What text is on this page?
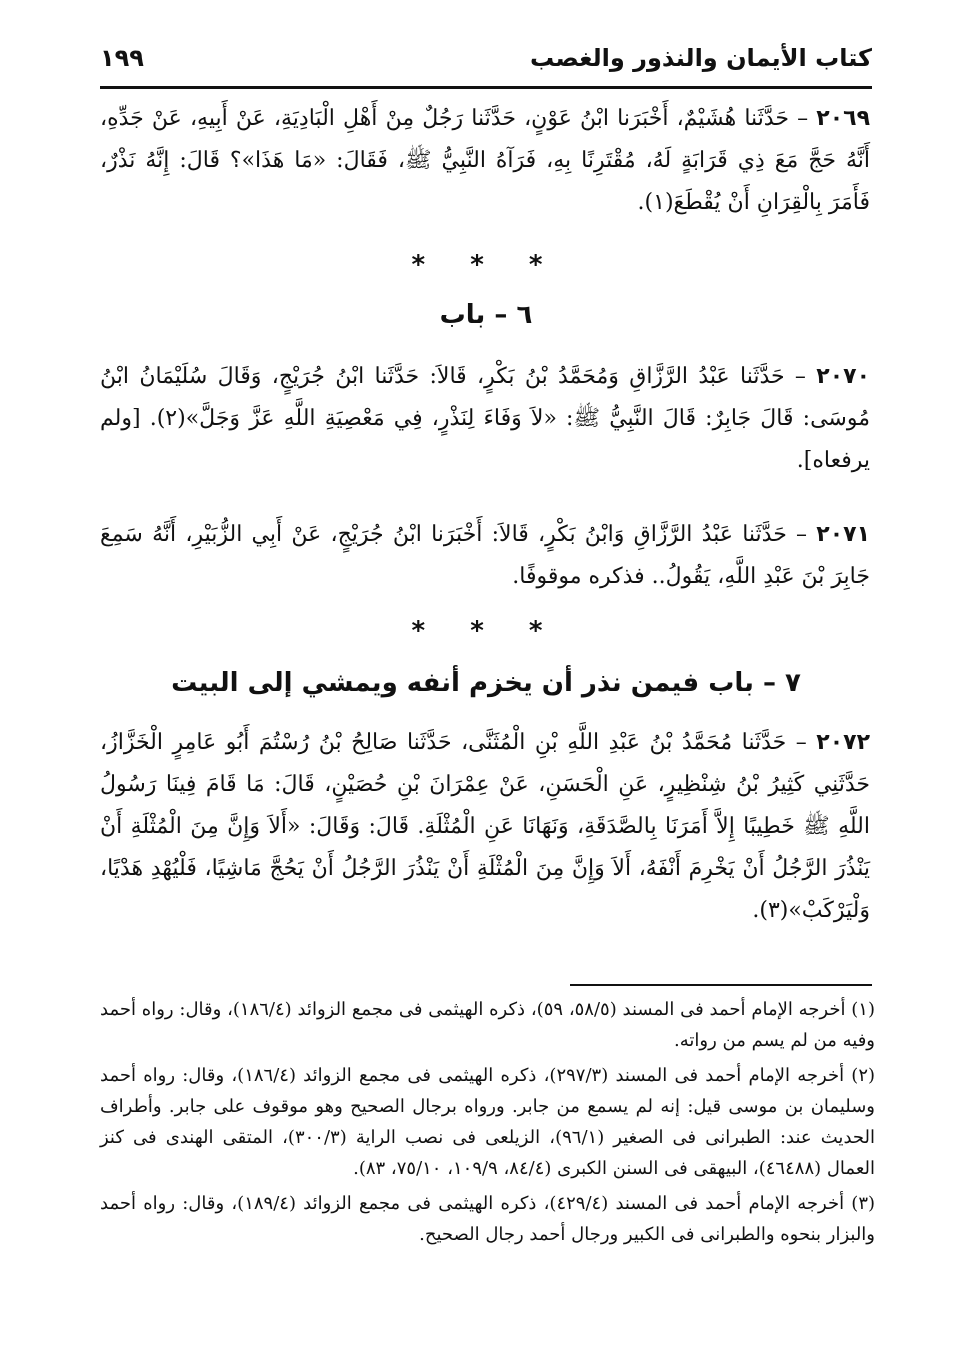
كتاب الأيمان والنذور والغصب
١٩٩
٢٠٦٩ – حَدَّثَنا هُشَيْمٌ، أَخْبَرَنا ابْنُ عَوْنٍ، حَدَّثَنا رَجُلٌ مِنْ أَهْلِ الْبَادِيَةِ، عَنْ أَبِيهِ، عَنْ جَدِّهِ، أَنَّهُ حَجَّ مَعَ ذِي قَرَابَةٍ لَهُ، مُقْتَرِنًا بِهِ، فَرَآهُ النَّبِيُّ ﷺ، فَقَالَ: «مَا هَذَا»؟ قَالَ: إِنَّهُ نَذْرٌ، فَأَمَرَ بِالْقِرَانِ أَنْ يُقْطَعَ(١).
* * *
٦ – باب
٢٠٧٠ – حَدَّثَنا عَبْدُ الرَّزَّاقِ وَمُحَمَّدُ بْنُ بَكْرٍ، قَالاَ: حَدَّثَنا ابْنُ جُرَيْجٍ، وَقَالَ سُلَيْمَانُ ابْنُ مُوسَى: قَالَ جَابِرٌ: قَالَ النَّبِيُّ ﷺ: «لاَ وَفَاءَ لِنَذْرٍ، فِي مَعْصِيَةِ اللَّهِ عَزَّ وَجَلَّ»(٢). [ولم يرفعاه].
٢٠٧١ – حَدَّثَنا عَبْدُ الرَّزَّاقِ وَابْنُ بَكْرٍ، قَالاَ: أَخْبَرَنا ابْنُ جُرَيْجٍ، عَنْ أَبِي الزُّبَيْرِ، أَنَّهُ سَمِعَ جَابِرَ بْنَ عَبْدِ اللَّهِ، يَقُولُ.. فذكره موقوفًا.
* * *
٧ – باب فيمن نذر أن يخزم أنفه ويمشي إلى البيت
٢٠٧٢ – حَدَّثَنا مُحَمَّدُ بْنُ عَبْدِ اللَّهِ بْنِ الْمُثَنَّى، حَدَّثَنا صَالِحُ بْنُ رُسْتُمَ أَبُو عَامِرٍ الْخَزَّازُ، حَدَّثَنِي كَثِيرُ بْنُ شِنْظِيرٍ، عَنِ الْحَسَنِ، عَنْ عِمْرَانَ بْنِ حُصَيْنٍ، قَالَ: مَا قَامَ فِينَا رَسُولُ اللَّهِ ﷺ خَطِيبًا إِلاَّ أَمَرَنَا بِالصَّدَقَةِ، وَنَهَانَا عَنِ الْمُثْلَةِ. قَالَ: وَقَالَ: «أَلاَ وَإِنَّ مِنَ الْمُثْلَةِ أَنْ يَنْذُرَ الرَّجُلُ أَنْ يَخْرِمَ أَنْفَهُ، أَلاَ وَإِنَّ مِنَ الْمُثْلَةِ أَنْ يَنْذُرَ الرَّجُلُ أَنْ يَحُجَّ مَاشِيًا، فَلْيُهْدِ هَدْيًا، وَلْيَرْكَبْ»(٣).

(١) أخرجه الإمام أحمد فى المسند (٥٨/٥، ٥٩)، ذكره الهيثمى فى مجمع الزوائد (١٨٦/٤)، وقال: رواه أحمد وفيه من لم يسم من رواته.

(٢) أخرجه الإمام أحمد فى المسند (٢٩٧/٣)، ذكره الهيثمى فى مجمع الزوائد (١٨٦/٤)، وقال: رواه أحمد وسليمان بن موسى قيل: إنه لم يسمع من جابر. ورواه برجال الصحيح وهو موقوف على جابر. وأطراف الحديث عند: الطبرانى فى الصغير (٩٦/١)، الزيلعى فى نصب الراية (٣٠٠/٣)، المتقى الهندى فى كنز العمال (٤٦٤٨٨)، البيهقى فى السنن الكبرى (٨٤/٤، ١٠٩/٩، ٧٥/١٠، ٨٣).

(٣) أخرجه الإمام أحمد فى المسند (٤٢٩/٤)، ذكره الهيثمى فى مجمع الزوائد (١٨٩/٤)، وقال: رواه أحمد والبزار بنحوه والطبرانى فى الكبير ورجال أحمد رجال الصحيح.
